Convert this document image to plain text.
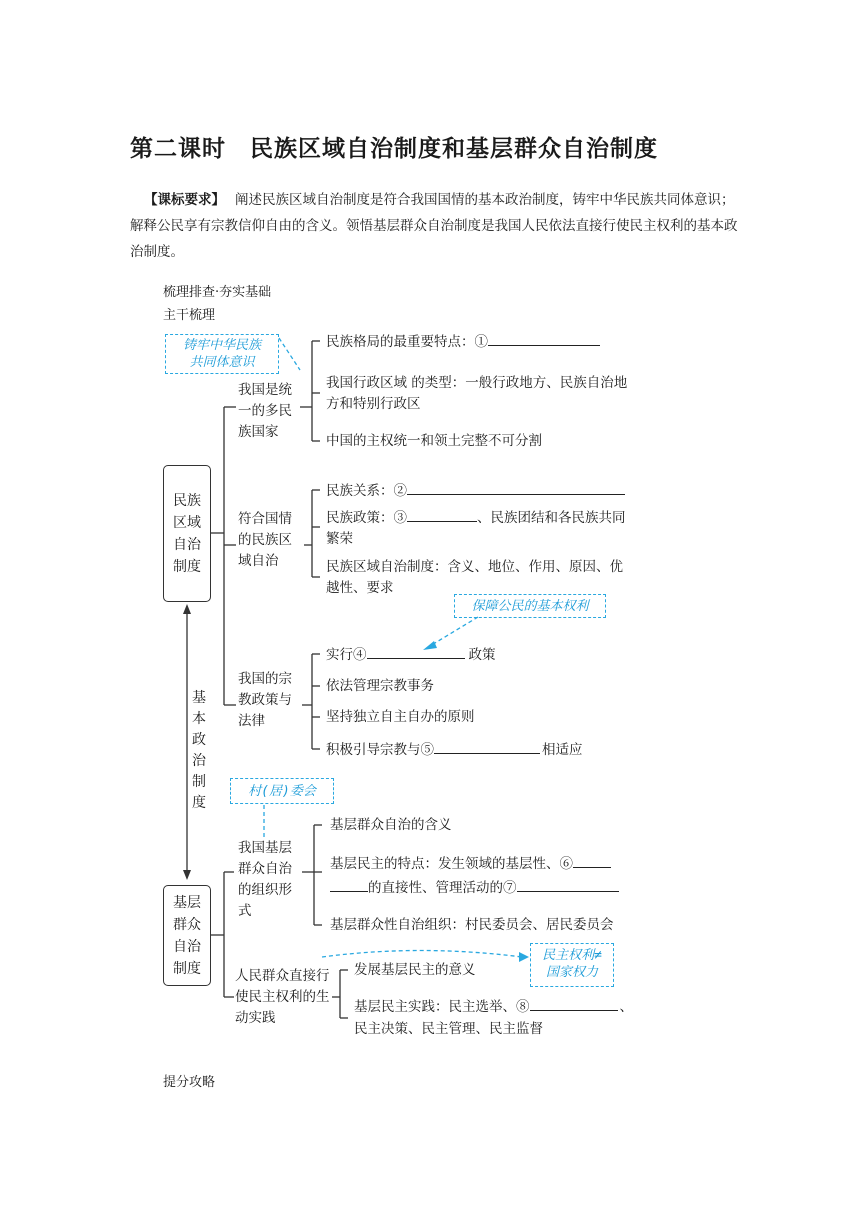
第二课时　民族区域自治制度和基层群众自治制度
【课标要求】 阐述民族区域自治制度是符合我国国情的基本政治制度，铸牢中华民族共同体意识；解释公民享有宗教信仰自由的含义。领悟基层群众自治制度是我国人民依法直接行使民主权利的基本政治制度。
梳理排查·夯实基础
主干梳理
提分攻略
民族区域自治制度
基层群众自治制度
基本政治制度
我国是统一的多民族国家
符合国情的民族区域自治
我国的宗教政策与法律
我国基层群众自治的组织形式
人民群众直接行使民主权利的生动实践
民族格局的最重要特点：①
我国行政区域 的类型：一般行政地方、民族自治地方和特别行政区
中国的主权统一和领土完整不可分割
民族关系：②
民族政策：③	、民族团结和各民族共同繁荣
民族区域自治制度：含义、地位、作用、原因、优越性、要求
实行④	政策
依法管理宗教事务
坚持独立自主自办的原则
积极引导宗教与⑤	相适应
基层群众自治的含义
基层民主的特点：发生领域的基层性、⑥
的直接性、管理活动的⑦
基层群众性自治组织：村民委员会、居民委员会
发展基层民主的意义
基层民主实践：民主选举、⑧	、
民主决策、民主管理、民主监督
铸牢中华民族
共同体意识
保障公民的基本权利
村(居)委会
民主权利≠
国家权力
